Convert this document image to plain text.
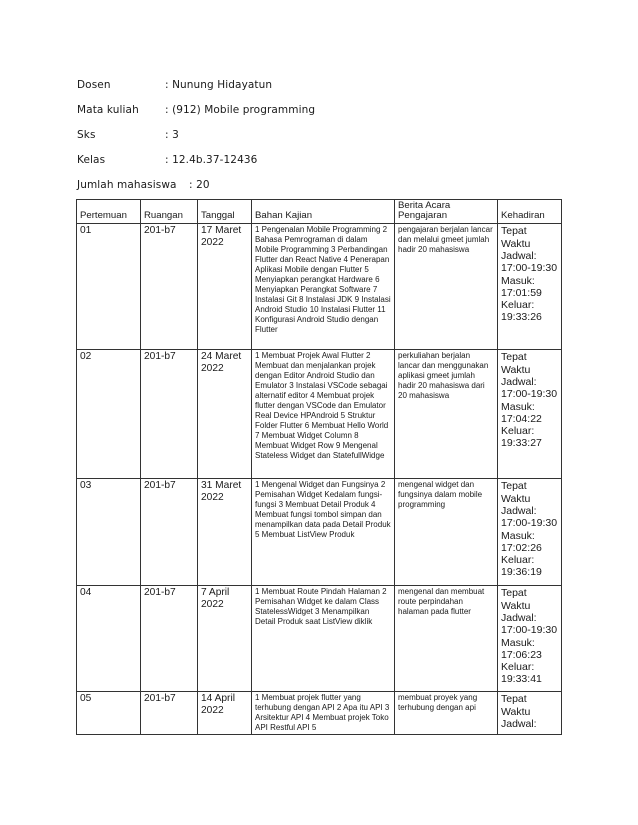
Dosen	: Nunung Hidayatun
Mata kuliah : (912) Mobile programming
Sks	: 3
Kelas	: 12.4b.37-12436
Jumlah mahasiswa : 20
Pertemuan	Ruangan	Tanggal	Bahan Kajian	Berita Acara Pengajaran	Kehadiran
01	201-b7	17 Maret 2022	1 Pengenalan Mobile Programming 2 Bahasa Pemrograman di dalam Mobile Programming 3 Perbandingan Flutter dan React Native 4 Penerapan Aplikasi Mobile dengan Flutter 5 Menyiapkan perangkat Hardware 6 Menyiapkan Perangkat Software 7 Instalasi Git 8 Instalasi JDK 9 Instalasi Android Studio 10 Instalasi Flutter 11 Konfigurasi Android Studio dengan Flutter	pengajaran berjalan lancar dan melalui gmeet jumlah hadir 20 mahasiswa	Tepat Waktu Jadwal: 17:00-19:30 Masuk: 17:01:59 Keluar: 19:33:26
02	201-b7	24 Maret 2022	1 Membuat Projek Awal Flutter 2 Membuat dan menjalankan projek dengan Editor Android Studio dan Emulator 3 Instalasi VSCode sebagai alternatif editor 4 Membuat projek flutter dengan VSCode dan Emulator Real Device HPAndroid 5 Struktur Folder Flutter 6 Membuat Hello World 7 Membuat Widget Column 8 Membuat Widget Row 9 Mengenal Stateless Widget dan StatefullWidge	perkuliahan berjalan lancar dan menggunakan aplikasi gmeet jumlah hadir 20 mahasiswa dari 20 mahasiswa	Tepat Waktu Jadwal: 17:00-19:30 Masuk: 17:04:22 Keluar: 19:33:27
03	201-b7	31 Maret 2022	1 Mengenal Widget dan Fungsinya 2 Pemisahan Widget Kedalam fungsi-fungsi 3 Membuat Detail Produk 4 Membuat fungsi tombol simpan dan menampilkan data pada Detail Produk 5 Membuat ListView Produk	mengenal widget dan fungsinya dalam mobile programming	Tepat Waktu Jadwal: 17:00-19:30 Masuk: 17:02:26 Keluar: 19:36:19
04	201-b7	7 April 2022	1 Membuat Route Pindah Halaman 2 Pemisahan Widget ke dalam Class StatelessWidget 3 Menampilkan Detail Produk saat ListView diklik	mengenal dan membuat route perpindahan halaman pada flutter	Tepat Waktu Jadwal: 17:00-19:30 Masuk: 17:06:23 Keluar: 19:33:41
05	201-b7	14 April 2022	1 Membuat projek flutter yang terhubung dengan API 2 Apa itu API 3 Arsitektur API 4 Membuat projek Toko API Restful API 5	membuat proyek yang terhubung dengan api	Tepat Waktu Jadwal:
